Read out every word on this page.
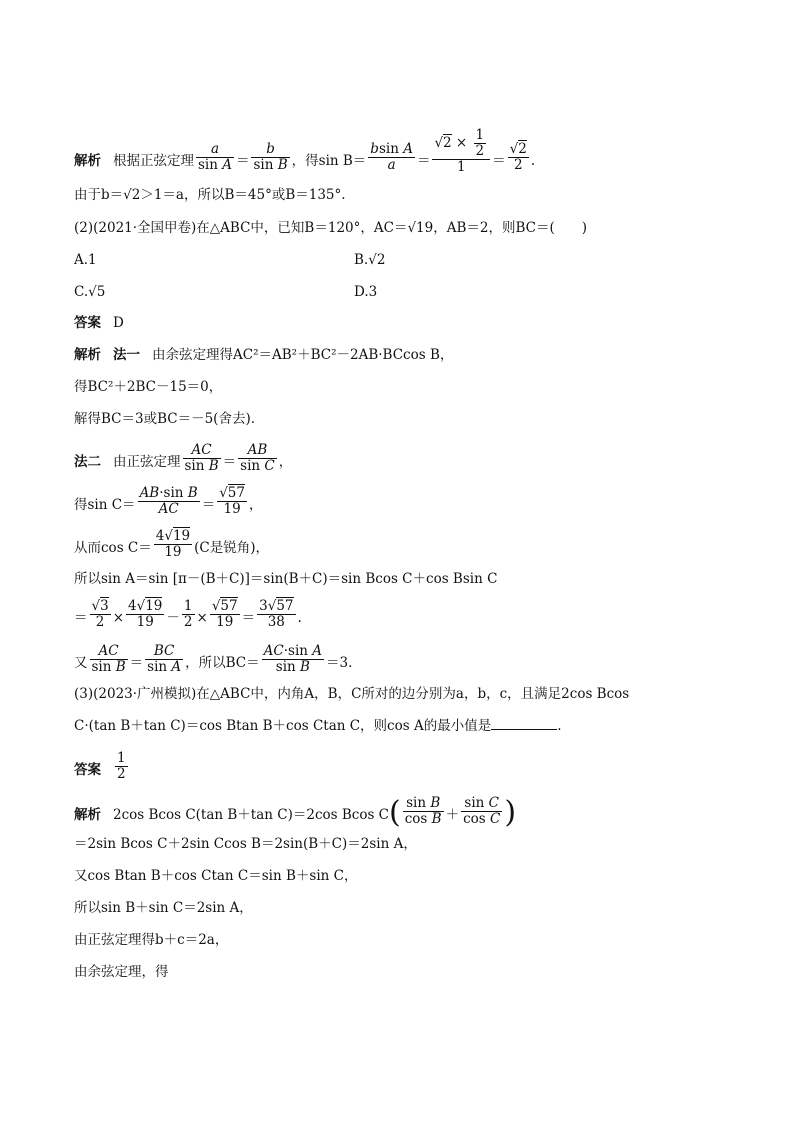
解析 根据正弦定理 $\frac{a}{\text{sin A}} = \frac{b}{\text{sin B}}$ ，得$\sin B= \frac{\text{bsin A}}{a} = \frac{√2 \times \frac{1}{2}}{1} = \frac{√2}{2}$ .
由于b＝√2＞1＝a，所以B＝45°或B＝135°.
(2)(2021·全国甲卷)在△ABC中，已知B＝120°，AC＝√19，AB＝2，则BC＝(　　)
A.1	B.√2
C.√5	D.3
答案 D
解析 法一 由余弦定理得AC²＝AB²＋BC²－2AB·BCcos B，
得BC²＋2BC－15＝0，
解得BC＝3或BC＝－5(舍去).
法二 由正弦定理 $\frac{AC}{\text{sin B}} = \frac{AB}{\text{sin C}}$ ，
得$\sin C= \frac{\text{AB·sin B}}{AC} = \frac{√57}{19}$ ，
从而$\cos C= \frac{4√19}{19} (C$是锐角)，
所以sin A＝sin [π－(B＋C)]＝sin(B＋C)＝sin Bcos C＋cos Bsin C
＝ $\frac{√3}{2} \times \frac{4√19}{19} - \frac{1}{2} \times \frac{√57}{19} = \frac{3√57}{38}$ .
又 $\frac{AC}{\text{sin B}} = \frac{BC}{\text{sin A}}$ ，所以$BC= \frac{\text{AC·sin A}}{\text{sin B}} =3$.
(3)(2023·广州模拟)在△ABC中，内角A，B，C所对的边分别为a，b，c，且满足2cos Bcos
C·(tan B＋tan C)＝cos Btan B＋cos Ctan C，则cos A的最小值是	.
答案 $\frac{1}{2}$
解析 2cos Bcos C(tan B＋tan C)＝2cos Bcos $C( \frac{\text{sin B}}{\text{cos B}} + \frac{\text{sin C}}{\text{cos C}}$ )
＝2sin Bcos C＋2sin Ccos B＝2sin(B＋C)＝2sin A，
又cos Btan B＋cos Ctan C＝sin B＋sin C，
所以sin B＋sin C＝2sin A，
由正弦定理得b＋c＝2a，
由余弦定理，得
